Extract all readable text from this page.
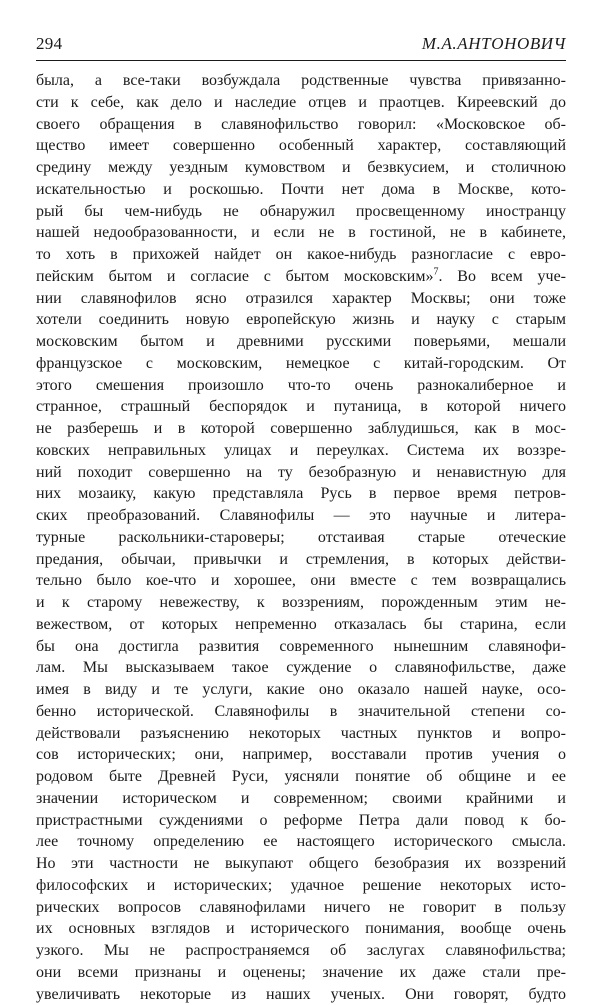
294	М.А.АНТОНОВИЧ
была, а все-таки возбуждала родственные чувства привязанно-
сти к себе, как дело и наследие отцев и праотцев. Киреевский до
своего обращения в славянофильство говорил: «Московское об-
щество имеет совершенно особенный характер, составляющий
средину между уездным кумовством и безвкусием, и столичною
искательностью и роскошью. Почти нет дома в Москве, кото-
рый бы чем-нибудь не обнаружил просвещенному иностранцу
нашей недообразованности, и если не в гостиной, не в кабинете,
то хоть в прихожей найдет он какое-нибудь разногласие с евро-
пейским бытом и согласие с бытом московским»$^7$. Во всем уче-
нии славянофилов ясно отразился характер Москвы; они тоже
хотели соединить новую европейскую жизнь и науку с старым
московским бытом и древними русскими поверьями, мешали
французское с московским, немецкое с китай-городским. От
этого смешения произошло что-то очень разнокалиберное и
странное, страшный беспорядок и путаница, в которой ничего
не разберешь и в которой совершенно заблудишься, как в мос-
ковских неправильных улицах и переулках. Система их воззре-
ний походит совершенно на ту безобразную и ненавистную для
них мозаику, какую представляла Русь в первое время петров-
ских преобразований. Славянофилы — это научные и литера-
турные раскольники-староверы; отстаивая старые отеческие
предания, обычаи, привычки и стремления, в которых действи-
тельно было кое-что и хорошее, они вместе с тем возвращались
и к старому невежеству, к воззрениям, порожденным этим не-
вежеством, от которых непременно отказалась бы старина, если
бы она достигла развития современного нынешним славянофи-
лам. Мы высказываем такое суждение о славянофильстве, даже
имея в виду и те услуги, какие оно оказало нашей науке, осо-
бенно исторической. Славянофилы в значительной степени со-
действовали разъяснению некоторых частных пунктов и вопро-
сов исторических; они, например, восставали против учения о
родовом быте Древней Руси, уясняли понятие об общине и ее
значении историческом и современном; своими крайними и
пристрастными суждениями о реформе Петра дали повод к бо-
лее точному определению ее настоящего исторического смысла.
Но эти частности не выкупают общего безобразия их воззрений
философских и исторических; удачное решение некоторых исто-
рических вопросов славянофилами ничего не говорит в пользу
их основных взглядов и исторического понимания, вообще очень
узкого. Мы не распространяемся об заслугах славянофильства;
они всеми признаны и оценены; значение их даже стали пре-
увеличивать некоторые из наших ученых. Они говорят, будто
